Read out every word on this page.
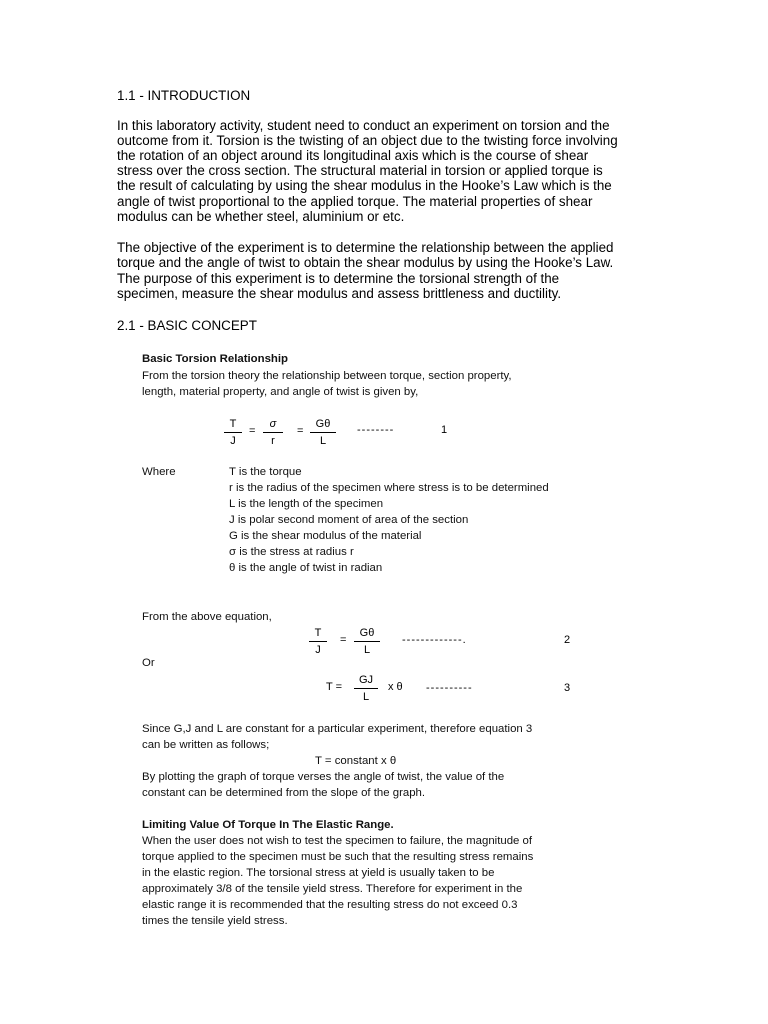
1.1 - INTRODUCTION
In this laboratory activity, student need to conduct an experiment on torsion and the
outcome from it. Torsion is the twisting of an object due to the twisting force involving
the rotation of an object around its longitudinal axis which is the course of shear
stress over the cross section. The structural material in torsion or applied torque is
the result of calculating by using the shear modulus in the Hooke’s Law which is the
angle of twist proportional to the applied torque. The material properties of shear
modulus can be whether steel, aluminium or etc.
The objective of the experiment is to determine the relationship between the applied
torque and the angle of twist to obtain the shear modulus by using the Hooke’s Law.
The purpose of this experiment is to determine the torsional strength of the
specimen, measure the shear modulus and assess brittleness and ductility.
2.1 - BASIC CONCEPT
Basic Torsion Relationship
From the torsion theory the relationship between torque, section property,
length, material property, and angle of twist is given by,
T
J
=
σ
r
=
Gθ
L
--------	1
Where	T is the torque
r is the radius of the specimen where stress is to be determined
L is the length of the specimen
J is polar second moment of area of the section
G is the shear modulus of the material
σ is the stress at radius r
θ is the angle of twist in radian
From the above equation,
T
J
=
Gθ
L
-------------.	2
Or
T =
GJ
L
x θ ----------	3
Since G,J and L are constant for a particular experiment, therefore equation 3
can be written as follows;
T = constant x θ
By plotting the graph of torque verses the angle of twist, the value of the
constant can be determined from the slope of the graph.
Limiting Value Of Torque In The Elastic Range.
When the user does not wish to test the specimen to failure, the magnitude of
torque applied to the specimen must be such that the resulting stress remains
in the elastic region. The torsional stress at yield is usually taken to be
approximately 3/8 of the tensile yield stress. Therefore for experiment in the
elastic range it is recommended that the resulting stress do not exceed 0.3
times the tensile yield stress.
